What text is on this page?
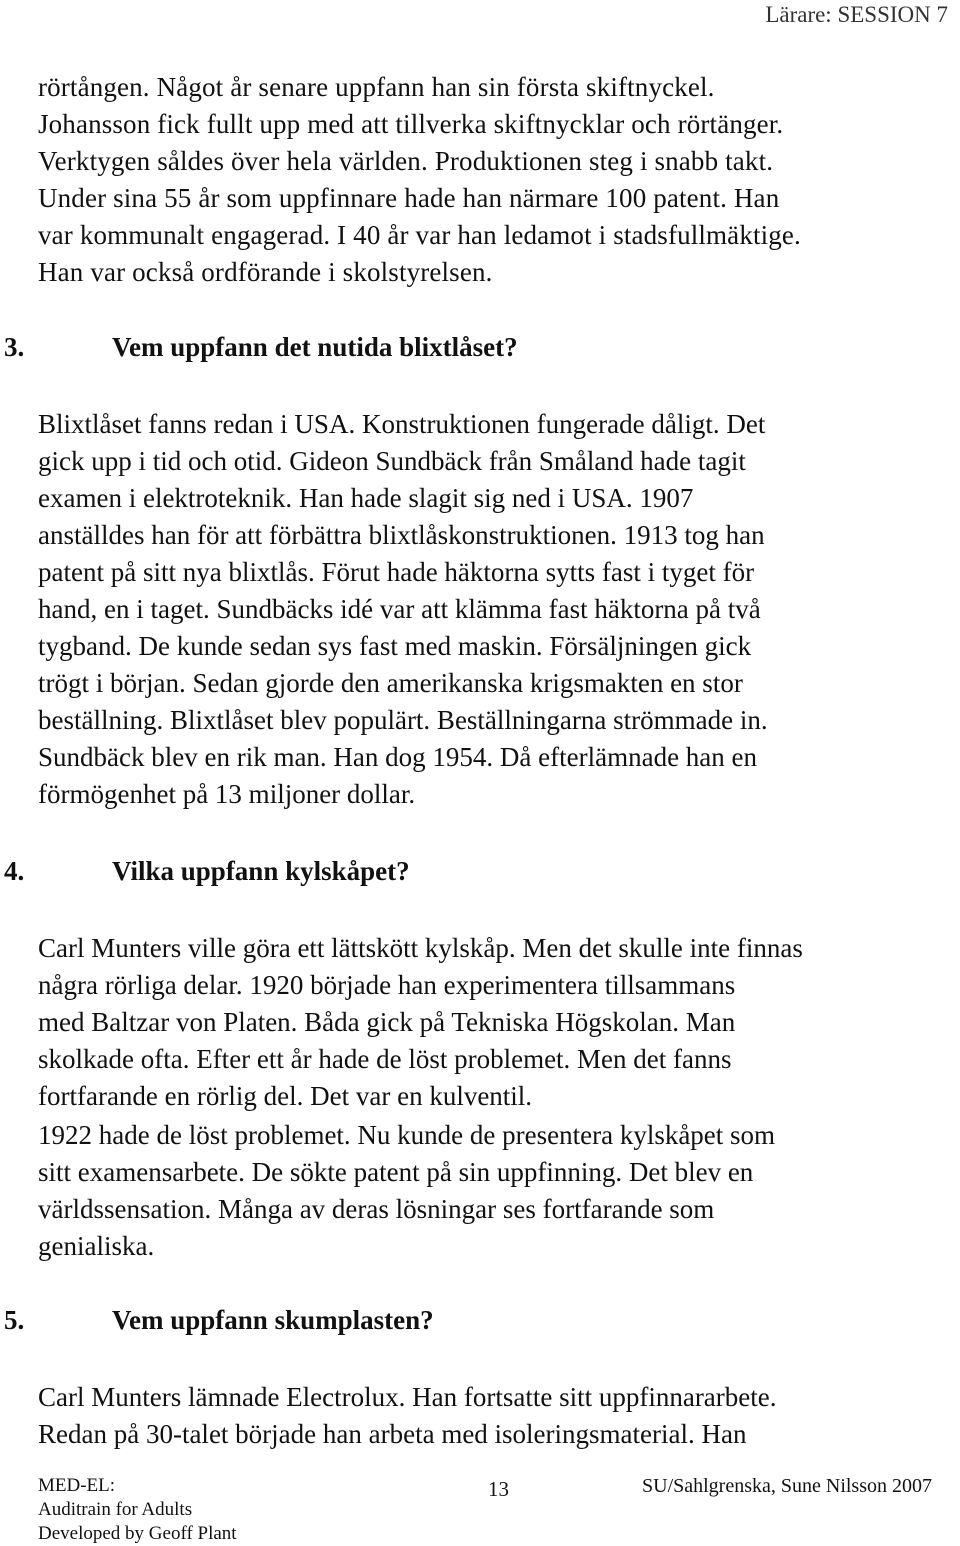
Lärare: SESSION 7
rörtången. Något år senare uppfann han sin första skiftnyckel.
Johansson fick fullt upp med att tillverka skiftnycklar och rörtänger.
Verktygen såldes över hela världen. Produktionen steg i snabb takt.
Under sina 55 år som uppfinnare hade han närmare 100 patent. Han
var kommunalt engagerad. I 40 år var han ledamot i stadsfullmäktige.
Han var också ordförande i skolstyrelsen.
3.	Vem uppfann det nutida blixtlåset?
Blixtlåset fanns redan i USA. Konstruktionen fungerade dåligt. Det
gick upp i tid och otid. Gideon Sundbäck från Småland hade tagit
examen i elektroteknik. Han hade slagit sig ned i USA. 1907
anställdes han för att förbättra blixtlåskonstruktionen. 1913 tog han
patent på sitt nya blixtlås. Förut hade häktorna sytts fast i tyget för
hand, en i taget. Sundbäcks idé var att klämma fast häktorna på två
tygband. De kunde sedan sys fast med maskin. Försäljningen gick
trögt i början. Sedan gjorde den amerikanska krigsmakten en stor
beställning. Blixtlåset blev populärt. Beställningarna strömmade in.
Sundbäck blev en rik man. Han dog 1954. Då efterlämnade han en
förmögenhet på 13 miljoner dollar.
4.	Vilka uppfann kylskåpet?
Carl Munters ville göra ett lättskött kylskåp. Men det skulle inte finnas
några rörliga delar. 1920 började han experimentera tillsammans
med Baltzar von Platen. Båda gick på Tekniska Högskolan. Man
skolkade ofta. Efter ett år hade de löst problemet. Men det fanns
fortfarande en rörlig del. Det var en kulventil.
1922 hade de löst problemet. Nu kunde de presentera kylskåpet som
sitt examensarbete. De sökte patent på sin uppfinning. Det blev en
världssensation. Många av deras lösningar ses fortfarande som
genialiska.
5.	Vem uppfann skumplasten?
Carl Munters lämnade Electrolux. Han fortsatte sitt uppfinnararbete.
Redan på 30-talet började han arbeta med isoleringsmaterial. Han
MED-EL:
Auditrain for Adults
Developed by Geoff Plant
13	SU/Sahlgrenska, Sune Nilsson 2007
